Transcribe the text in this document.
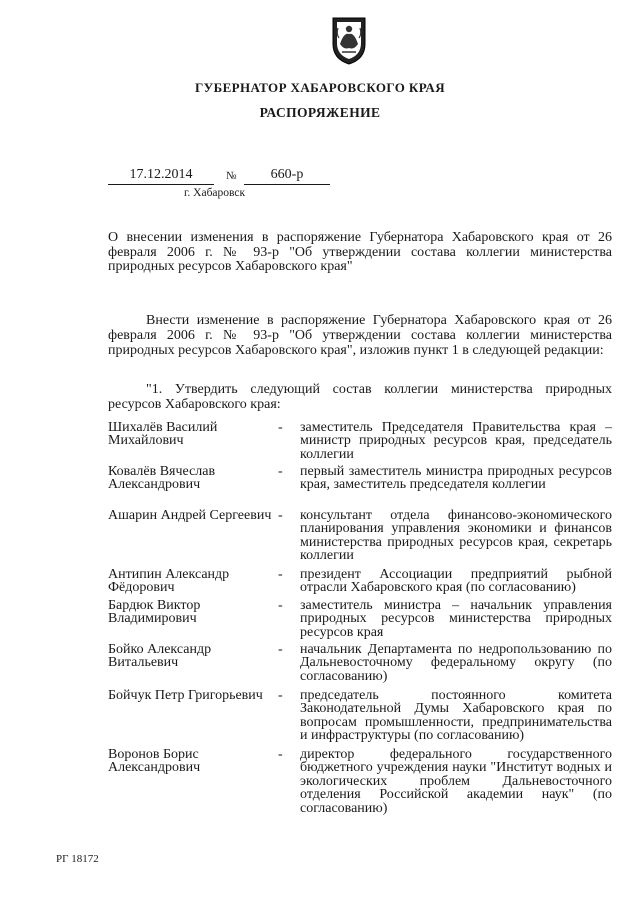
ГУБЕРНАТОР ХАБАРОВСКОГО КРАЯ
РАСПОРЯЖЕНИЕ
17.12.2014	№	660-р
г. Хабаровск
О внесении изменения в распоряжение Губернатора Хабаровского края от 26 февраля 2006 г. № 93-р "Об утверждении состава коллегии министерства природных ресурсов Хабаровского края"
Внести изменение в распоряжение Губернатора Хабаровского края от 26 февраля 2006 г. № 93-р "Об утверждении состава коллегии министерства природных ресурсов Хабаровского края", изложив пункт 1 в следующей редакции:
"1. Утвердить следующий состав коллегии министерства природных ресурсов Хабаровского края:
Шихалёв Василий Михайлович
-	заместитель Председателя Правительства края – министр природных ресурсов края, председатель коллегии
Ковалёв Вячеслав Александрович
-	первый заместитель министра природных ресурсов края, заместитель председателя коллегии
Ашарин Андрей Сергеевич -	консультант отдела финансово-экономического планирования управления экономики и финансов министерства природных ресурсов края, секретарь коллегии
Антипин Александр Фёдорович
-	президент Ассоциации предприятий рыбной отрасли Хабаровского края (по согласованию)
Бардюк Виктор Владимирович
-	заместитель министра – начальник управления природных ресурсов министерства природных ресурсов края
Бойко Александр Витальевич
-	начальник Департамента по недропользованию по Дальневосточному федеральному округу (по согласованию)
Бойчук Петр Григорьевич	-	председатель постоянного комитета Законодательной Думы Хабаровского края по вопросам промышленности, предпринимательства и инфраструктуры (по согласованию)
Воронов Борис Александрович
-	директор федерального государственного бюджетного учреждения науки "Институт водных и экологических проблем Дальневосточного отделения Российской академии наук" (по согласованию)
РГ 18172
